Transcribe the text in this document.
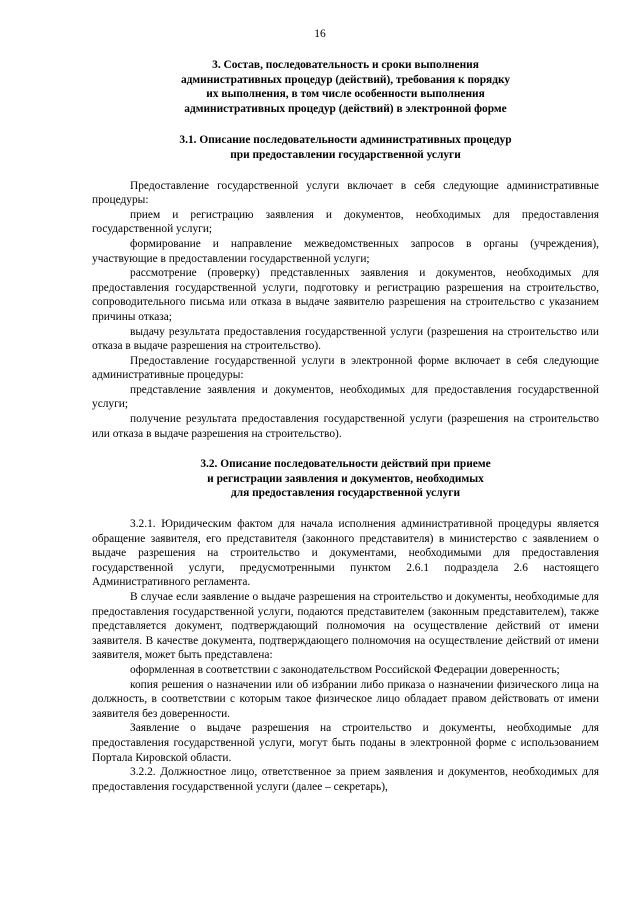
16
3. Состав, последовательность и сроки выполнения
административных процедур (действий), требования к порядку
их выполнения, в том числе особенности выполнения
административных процедур (действий) в электронной форме
3.1. Описание последовательности административных процедур
при предоставлении государственной услуги

Предоставление государственной услуги включает в себя следующие административные процедуры:

прием и регистрацию заявления и документов, необходимых для предоставления государственной услуги;

формирование и направление межведомственных запросов в органы (учреждения), участвующие в предоставлении государственной услуги;

рассмотрение (проверку) представленных заявления и документов, необходимых для предоставления государственной услуги, подготовку и регистрацию разрешения на строительство, сопроводительного письма или отказа в выдаче заявителю разрешения на строительство с указанием причины отказа;

выдачу результата предоставления государственной услуги (разрешения на строительство или отказа в выдаче разрешения на строительство).

Предоставление государственной услуги в электронной форме включает в себя следующие административные процедуры:

представление заявления и документов, необходимых для предоставления государственной услуги;

получение результата предоставления государственной услуги (разрешения на строительство или отказа в выдаче разрешения на строительство).

3.2. Описание последовательности действий при приеме
и регистрации заявления и документов, необходимых
для предоставления государственной услуги

3.2.1. Юридическим фактом для начала исполнения административной процедуры является обращение заявителя, его представителя (законного представителя) в министерство с заявлением о выдаче разрешения на строительство и документами, необходимыми для предоставления государственной услуги, предусмотренными пунктом 2.6.1 подраздела 2.6 настоящего Административного регламента.

В случае если заявление о выдаче разрешения на строительство и документы, необходимые для предоставления государственной услуги, подаются представителем (законным представителем), также представляется документ, подтверждающий полномочия на осуществление действий от имени заявителя. В качестве документа, подтверждающего полномочия на осуществление действий от имени заявителя, может быть представлена:

оформленная в соответствии с законодательством Российской Федерации доверенность;

копия решения о назначении или об избрании либо приказа о назначении физического лица на должность, в соответствии с которым такое физическое лицо обладает правом действовать от имени заявителя без доверенности.

Заявление о выдаче разрешения на строительство и документы, необходимые для предоставления государственной услуги, могут быть поданы в электронной форме с использованием Портала Кировской области.

3.2.2. Должностное лицо, ответственное за прием заявления и документов, необходимых для предоставления государственной услуги (далее – секретарь),
